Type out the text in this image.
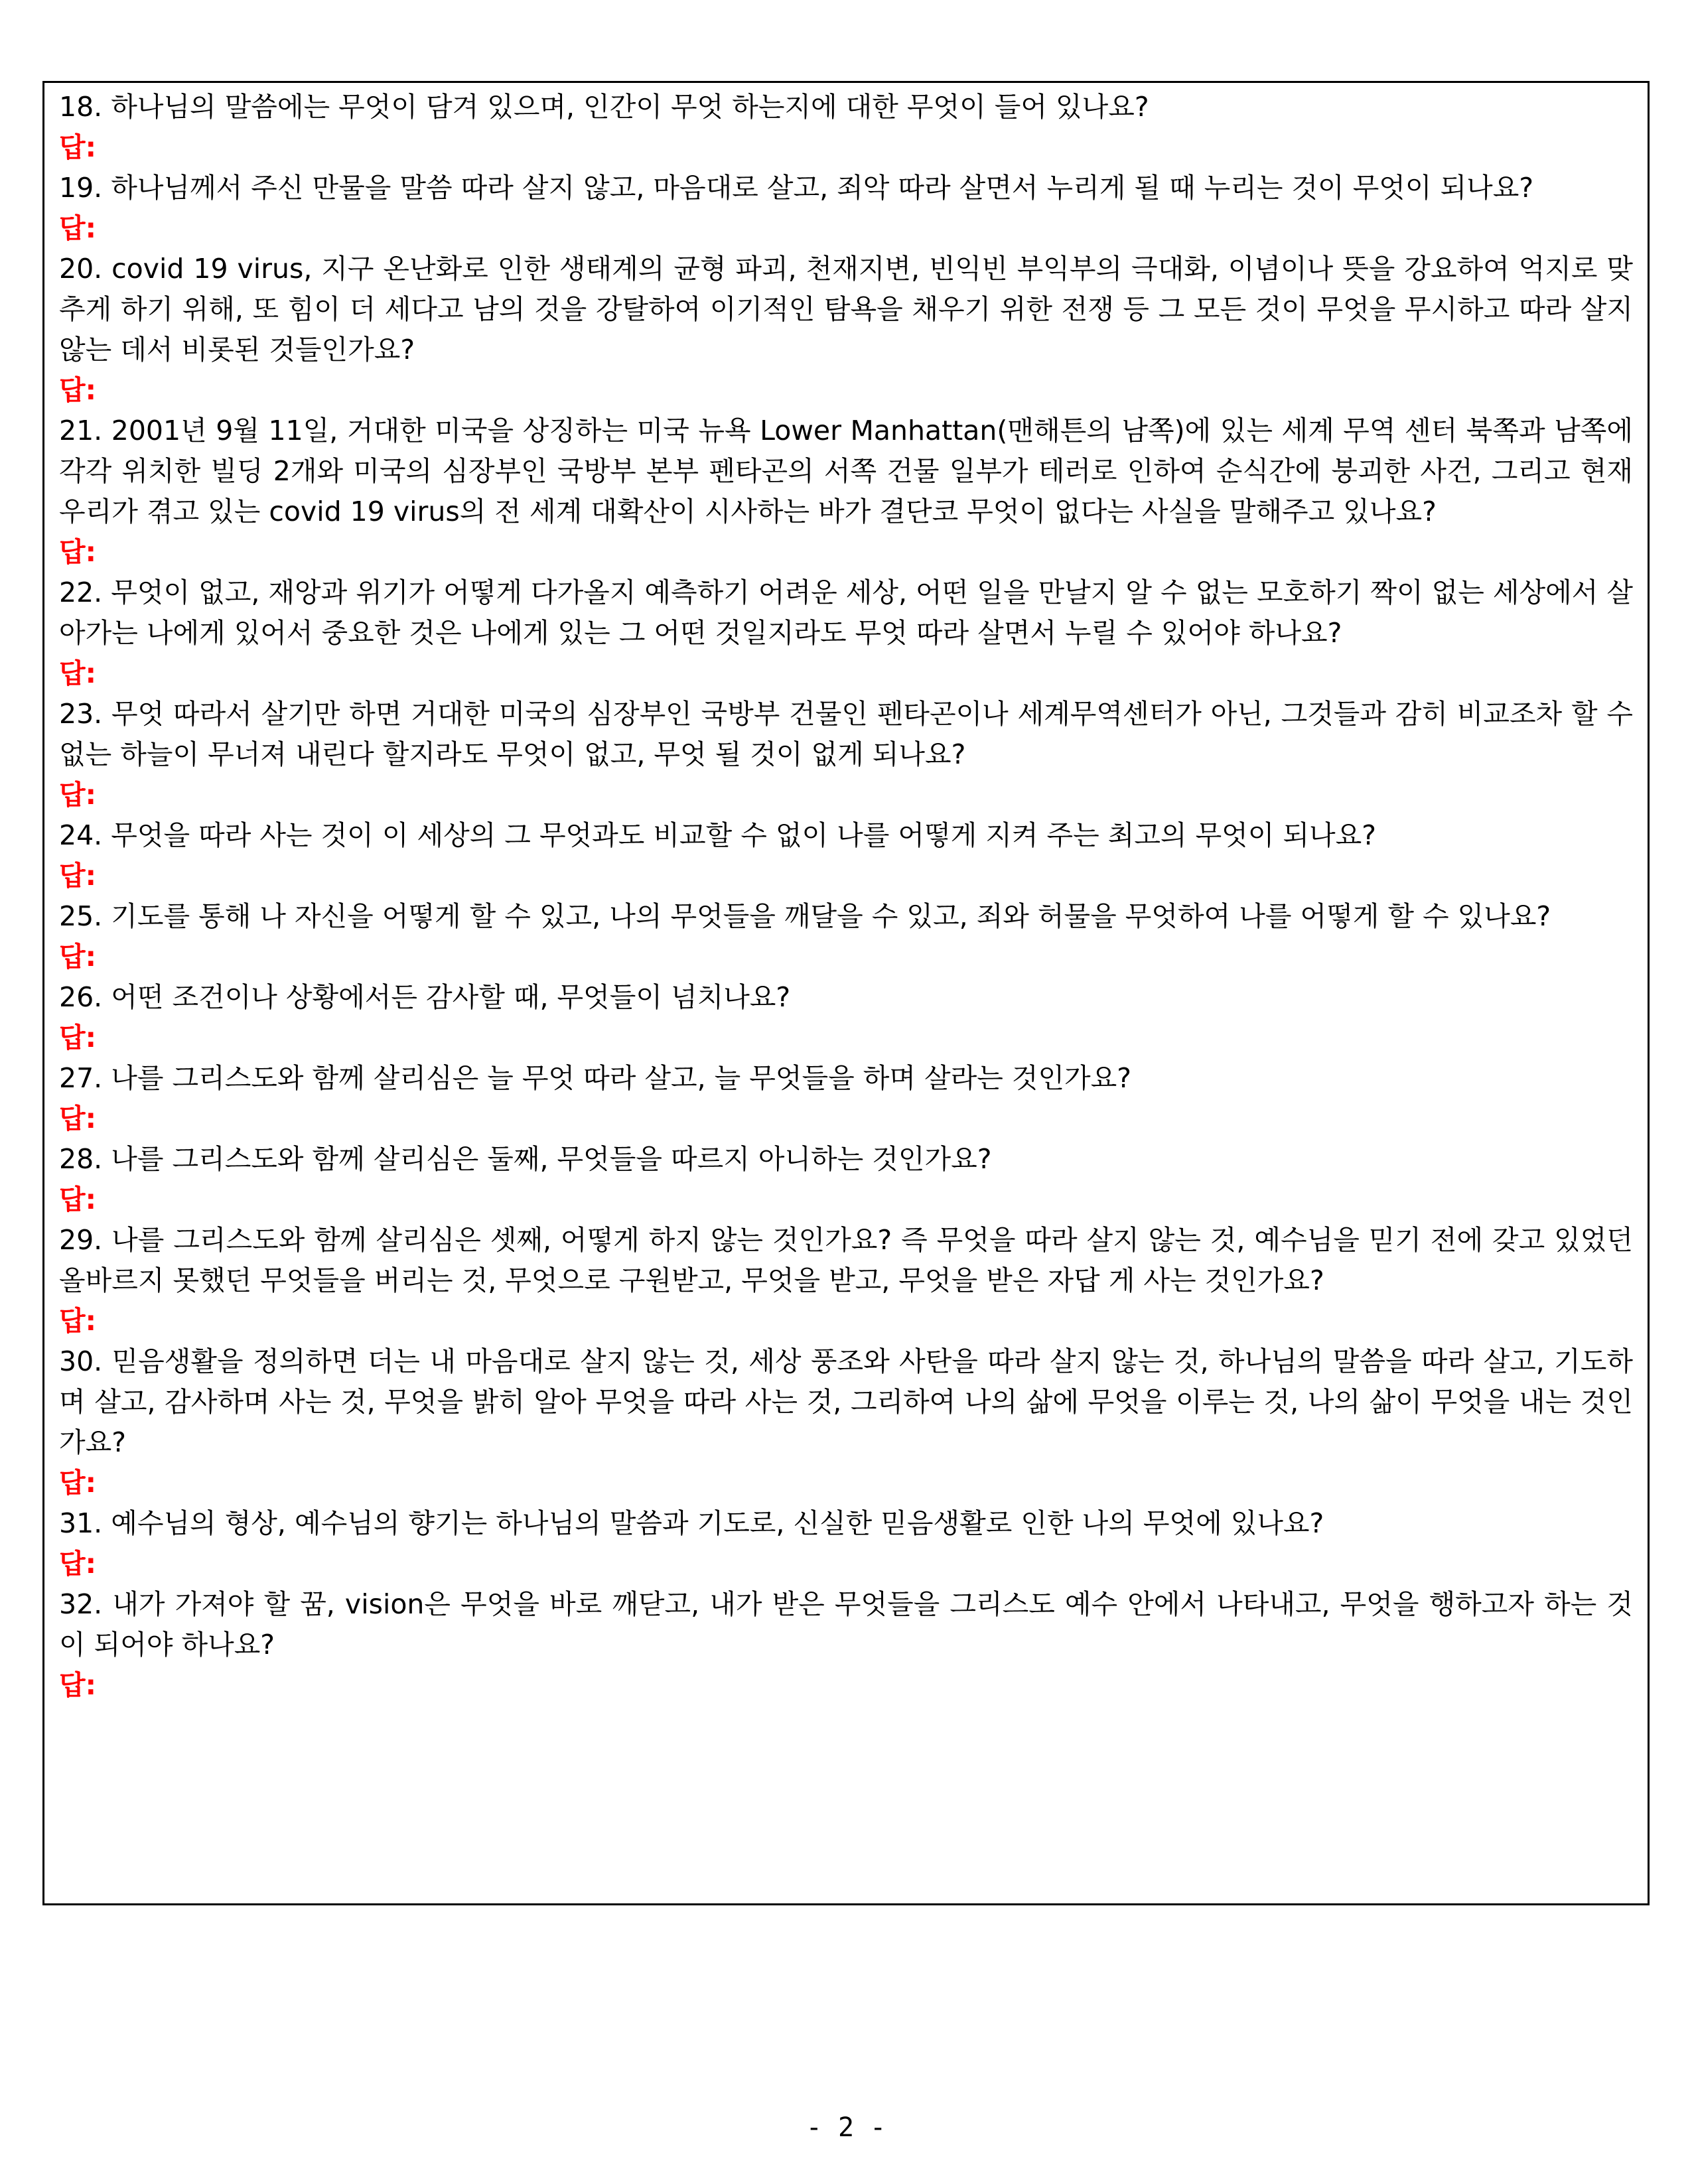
18. 하나님의 말씀에는 무엇이 담겨 있으며, 인간이 무엇 하는지에 대한 무엇이 들어 있나요?

답:

19. 하나님께서 주신 만물을 말씀 따라 살지 않고, 마음대로 살고, 죄악 따라 살면서 누리게 될 때 누리는 것이 무엇이 되나요?

답:

20. covid 19 virus, 지구 온난화로 인한 생태계의 균형 파괴, 천재지변, 빈익빈 부익부의 극대화, 이념이나 뜻을 강요하여 억지로 맞추게 하기 위해, 또 힘이 더 세다고 남의 것을 강탈하여 이기적인 탐욕을 채우기 위한 전쟁 등 그 모든 것이 무엇을 무시하고 따라 살지 않는 데서 비롯된 것들인가요?

답:

21. 2001년 9월 11일, 거대한 미국을 상징하는 미국 뉴욕 Lower Manhattan(맨해튼의 남쪽)에 있는 세계 무역 센터 북쪽과 남쪽에 각각 위치한 빌딩 2개와 미국의 심장부인 국방부 본부 펜타곤의 서쪽 건물 일부가 테러로 인하여 순식간에 붕괴한 사건, 그리고 현재 우리가 겪고 있는 covid 19 virus의 전 세계 대확산이 시사하는 바가 결단코 무엇이 없다는 사실을 말해주고 있나요?

답:

22. 무엇이 없고, 재앙과 위기가 어떻게 다가올지 예측하기 어려운 세상, 어떤 일을 만날지 알 수 없는 모호하기 짝이 없는 세상에서 살아가는 나에게 있어서 중요한 것은 나에게 있는 그 어떤 것일지라도 무엇 따라 살면서 누릴 수 있어야 하나요?

답:

23. 무엇 따라서 살기만 하면 거대한 미국의 심장부인 국방부 건물인 펜타곤이나 세계무역센터가 아닌, 그것들과 감히 비교조차 할 수 없는 하늘이 무너져 내린다 할지라도 무엇이 없고, 무엇 될 것이 없게 되나요?

답:

24. 무엇을 따라 사는 것이 이 세상의 그 무엇과도 비교할 수 없이 나를 어떻게 지켜 주는 최고의 무엇이 되나요?

답:

25. 기도를 통해 나 자신을 어떻게 할 수 있고, 나의 무엇들을 깨달을 수 있고, 죄와 허물을 무엇하여 나를 어떻게 할 수 있나요?

답:

26. 어떤 조건이나 상황에서든 감사할 때, 무엇들이 넘치나요?

답:

27. 나를 그리스도와 함께 살리심은 늘 무엇 따라 살고, 늘 무엇들을 하며 살라는 것인가요?

답:

28. 나를 그리스도와 함께 살리심은 둘째, 무엇들을 따르지 아니하는 것인가요?

답:

29. 나를 그리스도와 함께 살리심은 셋째, 어떻게 하지 않는 것인가요? 즉 무엇을 따라 살지 않는 것, 예수님을 믿기 전에 갖고 있었던 올바르지 못했던 무엇들을 버리는 것, 무엇으로 구원받고, 무엇을 받고, 무엇을 받은 자답 게 사는 것인가요?

답:

30. 믿음생활을 정의하면 더는 내 마음대로 살지 않는 것, 세상 풍조와 사탄을 따라 살지 않는 것, 하나님의 말씀을 따라 살고, 기도하며 살고, 감사하며 사는 것, 무엇을 밝히 알아 무엇을 따라 사는 것, 그리하여 나의 삶에 무엇을 이루는 것, 나의 삶이 무엇을 내는 것인가요?

답:

31. 예수님의 형상, 예수님의 향기는 하나님의 말씀과 기도로, 신실한 믿음생활로 인한 나의 무엇에 있나요?

답:

32. 내가 가져야 할 꿈, vision은 무엇을 바로 깨닫고, 내가 받은 무엇들을 그리스도 예수 안에서 나타내고, 무엇을 행하고자 하는 것이 되어야 하나요?

답:

- 2 -
